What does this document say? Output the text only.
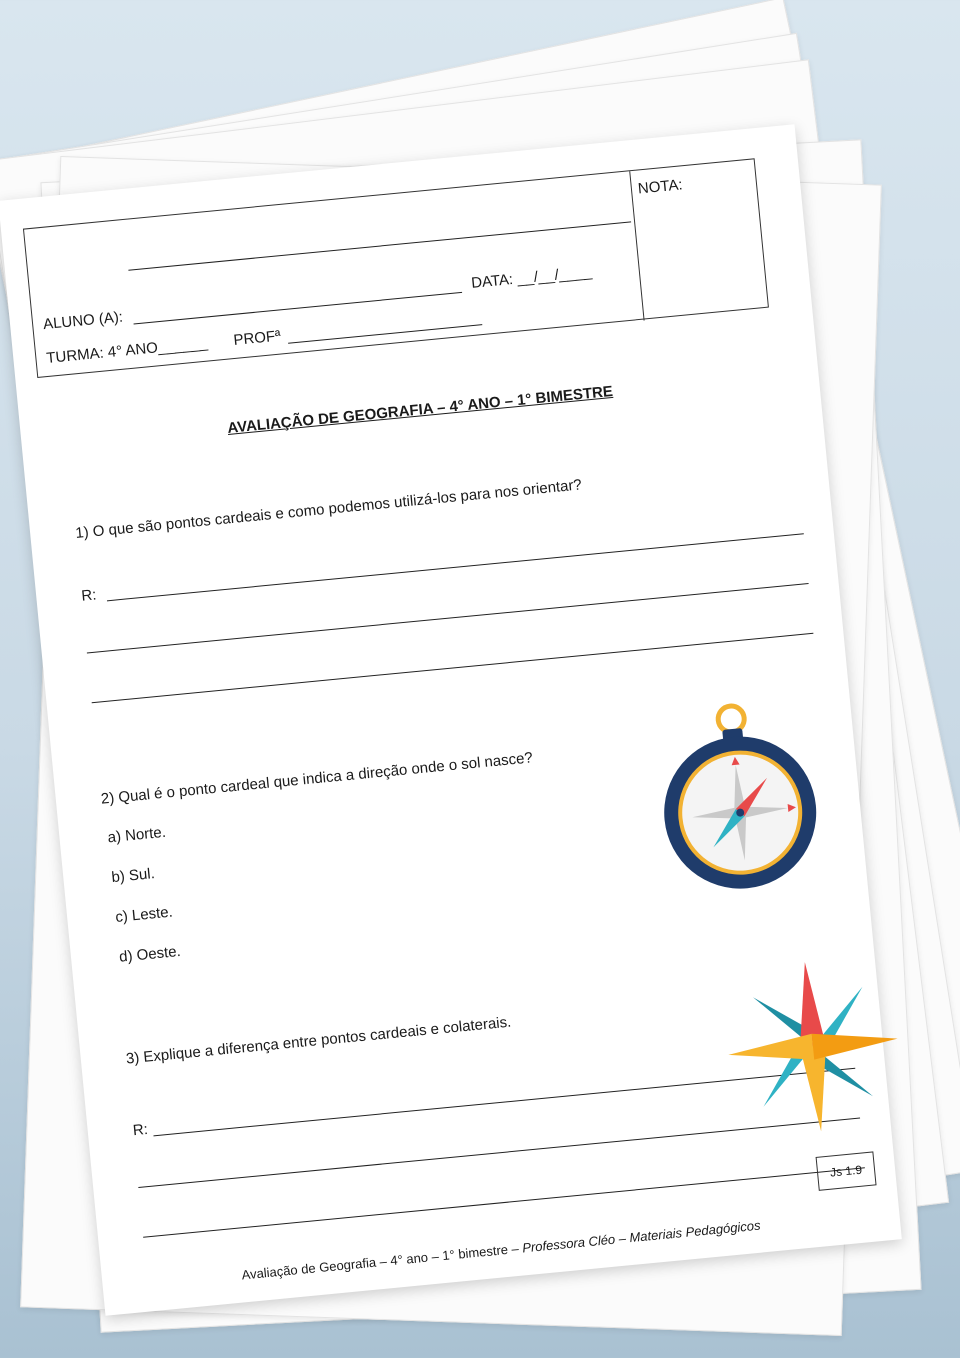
ALUNO (A):
DATA: __/__/____
TURMA: 4° ANO______ PROFª
NOTA:
AVALIAÇÃO DE GEOGRAFIA – 4° ANO – 1° BIMESTRE
1) O que são pontos cardeais e como podemos utilizá-los para nos orientar?
R:
2) Qual é o ponto cardeal que indica a direção onde o sol nasce?
a) Norte.
b) Sul.
c) Leste.
d) Oeste.
3) Explique a diferença entre pontos cardeais e colaterais.
R:
Js 1.9
Avaliação de Geografia – 4° ano – 1° bimestre – Professora Cléo – Materiais Pedagógicos
